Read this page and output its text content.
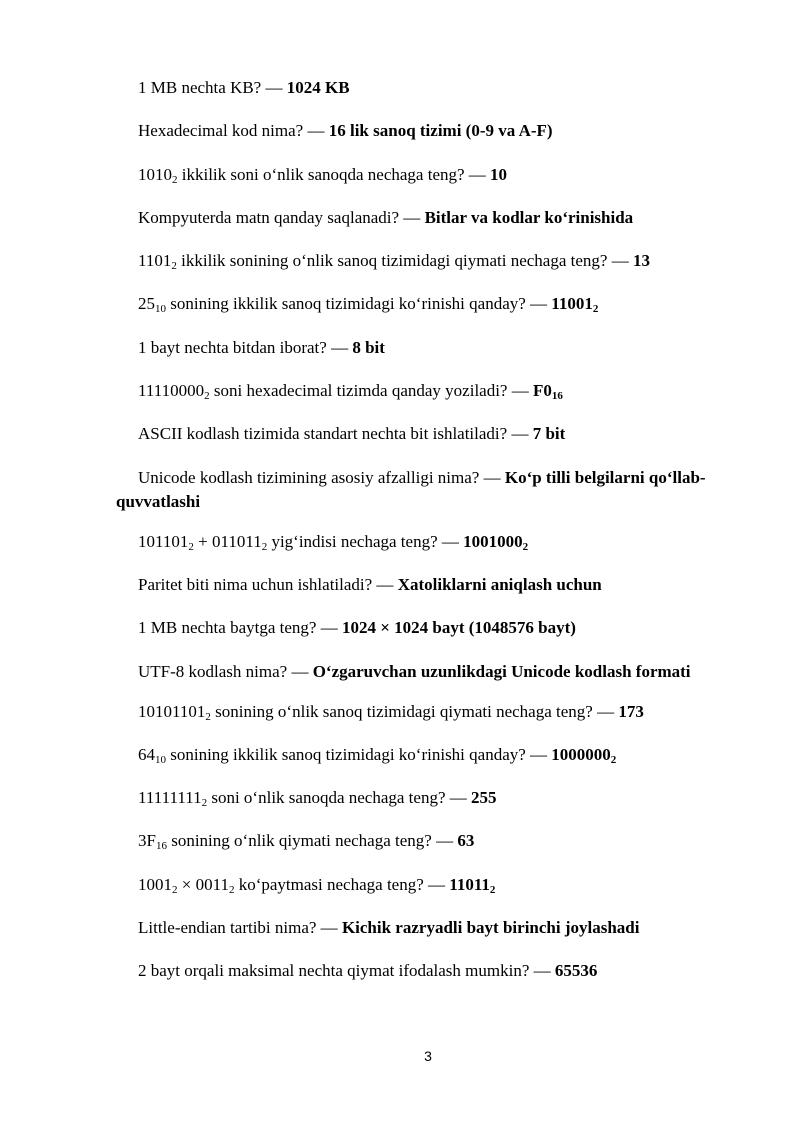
1 MB nechta KB? — 1024 KB

Hexadecimal kod nima? — 16 lik sanoq tizimi (0-9 va A-F)

$1010_2$ ikkilik soni o‘nlik sanoqda nechaga teng? — 10

Kompyuterda matn qanday saqlanadi? — Bitlar va kodlar ko‘rinishida

$1101_2$ ikkilik sonining o‘nlik sanoq tizimidagi qiymati nechaga teng? — 13

$25_{10}$ sonining ikkilik sanoq tizimidagi ko‘rinishi qanday? — $11001_2$

1 bayt nechta bitdan iborat? — 8 bit

$11110000_2$ soni hexadecimal tizimda qanday yoziladi? — $F0_{16}$

ASCII kodlash tizimida standart nechta bit ishlatiladi? — 7 bit

Unicode kodlash tizimining asosiy afzalligi nima? — Ko‘p tilli belgilarni qo‘llab-quvvatlashi

$101101_2 + 011011_2$ yig‘indisi nechaga teng? — $1001000_2$

Paritet biti nima uchun ishlatiladi? — Xatoliklarni aniqlash uchun

1 MB nechta baytga teng? — 1024 × 1024 bayt (1048576 bayt)

UTF-8 kodlash nima? — O‘zgaruvchan uzunlikdagi Unicode kodlash formati

$10101101_2$ sonining o‘nlik sanoq tizimidagi qiymati nechaga teng? — 173

$64_{10}$ sonining ikkilik sanoq tizimidagi ko‘rinishi qanday? — $1000000_2$

$11111111_2$ soni o‘nlik sanoqda nechaga teng? — 255

$3F_{16}$ sonining o‘nlik qiymati nechaga teng? — 63

$1001_2 \times 0011_2$ ko‘paytmasi nechaga teng? — $11011_2$

Little-endian tartibi nima? — Kichik razryadli bayt birinchi joylashadi

2 bayt orqali maksimal nechta qiymat ifodalash mumkin? — 65536

3
